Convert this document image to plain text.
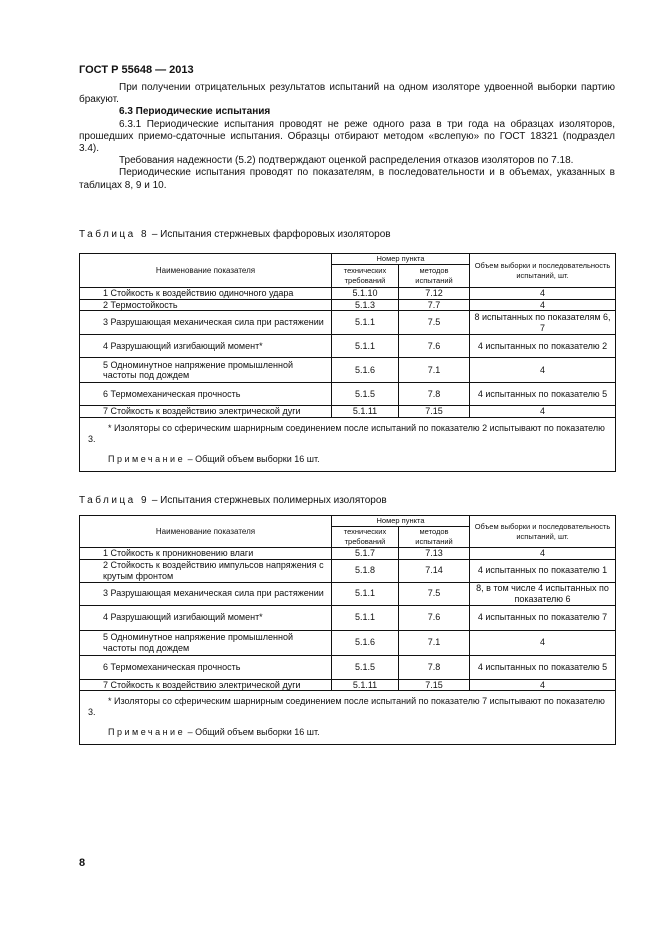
ГОСТ Р 55648 — 2013

При получении отрицательных результатов испытаний на одном изоляторе удвоенной выборки партию бракуют.

6.3 Периодические испытания

6.3.1 Периодические испытания проводят не реже одного раза в три года на образцах изоляторов, прошедших приемо-сдаточные испытания. Образцы отбирают методом «вслепую» по ГОСТ 18321 (подраздел 3.4).

Требования надежности (5.2) подтверждают оценкой распределения отказов изоляторов по 7.18.

Периодические испытания проводят по показателям, в последовательности и в объемах, указанных в таблицах 8, 9 и 10.

Таблица 8 – Испытания стержневых фарфоровых изоляторов
Наименование показателя	Номер пункта		Объем выборки и последовательность испытаний, шт.
	технических требований	методов испытаний	

1 Стойкость к воздействию одиночного удара	5.1.10	7.12	4

2 Термостойкость	5.1.3	7.7	4

3 Разрушающая механическая сила при растяжении	5.1.1	7.5	8 испытанных по показателям 6, 7

4 Разрушающий изгибающий момент*	5.1.1	7.6	4 испытанных по показателю 2

5 Одноминутное напряжение промышленной частоты под дождем	5.1.6	7.1	4

6 Термомеханическая прочность	5.1.5	7.8	4 испытанных по показателю 5

7 Стойкость к воздействию электрической дуги	5.1.11	7.15	4

* Изоляторы со сферическим шарнирным соединением после испытаний по показателю 2 испытывают по показателю 3.

Примечание – Общий объем выборки 16 шт.			

Таблица 9 – Испытания стержневых полимерных изоляторов
Наименование показателя	Номер пункта		Объем выборки и последовательность испытаний, шт.
	технических требований	методов испытаний	

1 Стойкость к проникновению влаги	5.1.7	7.13	4

2 Стойкость к воздействию импульсов напряжения с крутым фронтом	5.1.8	7.14	4 испытанных по показателю 1

3 Разрушающая механическая сила при растяжении	5.1.1	7.5	8, в том числе 4 испытанных по показателю 6

4 Разрушающий изгибающий момент*	5.1.1	7.6	4 испытанных по показателю 7

5 Одноминутное напряжение промышленной частоты под дождем	5.1.6	7.1	4

6 Термомеханическая прочность	5.1.5	7.8	4 испытанных по показателю 5

7 Стойкость к воздействию электрической дуги	5.1.11	7.15	4

* Изоляторы со сферическим шарнирным соединением после испытаний по показателю 7 испытывают по показателю 3.

Примечание – Общий объем выборки 16 шт.			

8
